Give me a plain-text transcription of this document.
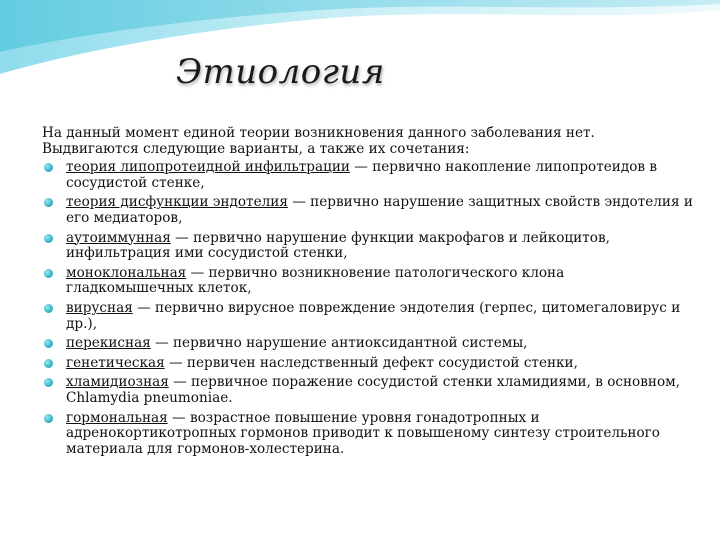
Этиология

На данный момент единой теории возникновения данного заболевания нет.
Выдвигаются следующие варианты, а также их сочетания:

теория липопротеидной инфильтрации — первично накопление липопротеидов в сосудистой стенке,
теория дисфункции эндотелия — первично нарушение защитных свойств эндотелия и его медиаторов,
аутоиммунная — первично нарушение функции макрофагов и лейкоцитов, инфильтрация ими сосудистой стенки,
моноклональная — первично возникновение патологического клона гладкомышечных клеток,
вирусная — первично вирусное повреждение эндотелия (герпес, цитомегаловирус и др.),
перекисная — первично нарушение антиоксидантной системы,
генетическая — первичен наследственный дефект сосудистой стенки,
хламидиозная — первичное поражение сосудистой стенки хламидиями, в основном, Chlamydia pneumoniae.
гормональная — возрастное повышение уровня гонадотропных и адренокортикотропных гормонов приводит к повышеному синтезу строительного материала для гормонов-холестерина.
